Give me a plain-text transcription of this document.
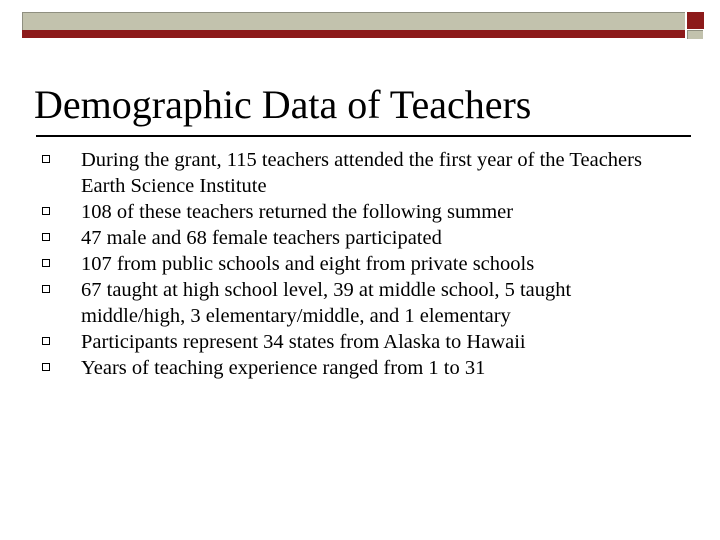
Demographic Data of Teachers
During the grant, 115 teachers attended the first year of the Teachers Earth Science Institute
108 of these teachers returned the following summer
47 male and 68 female teachers participated
107 from public schools and eight from private schools
67 taught at high school level, 39 at middle school, 5 taught middle/high, 3 elementary/middle, and 1 elementary
Participants represent 34 states from Alaska to Hawaii
Years of teaching experience ranged from 1 to 31
